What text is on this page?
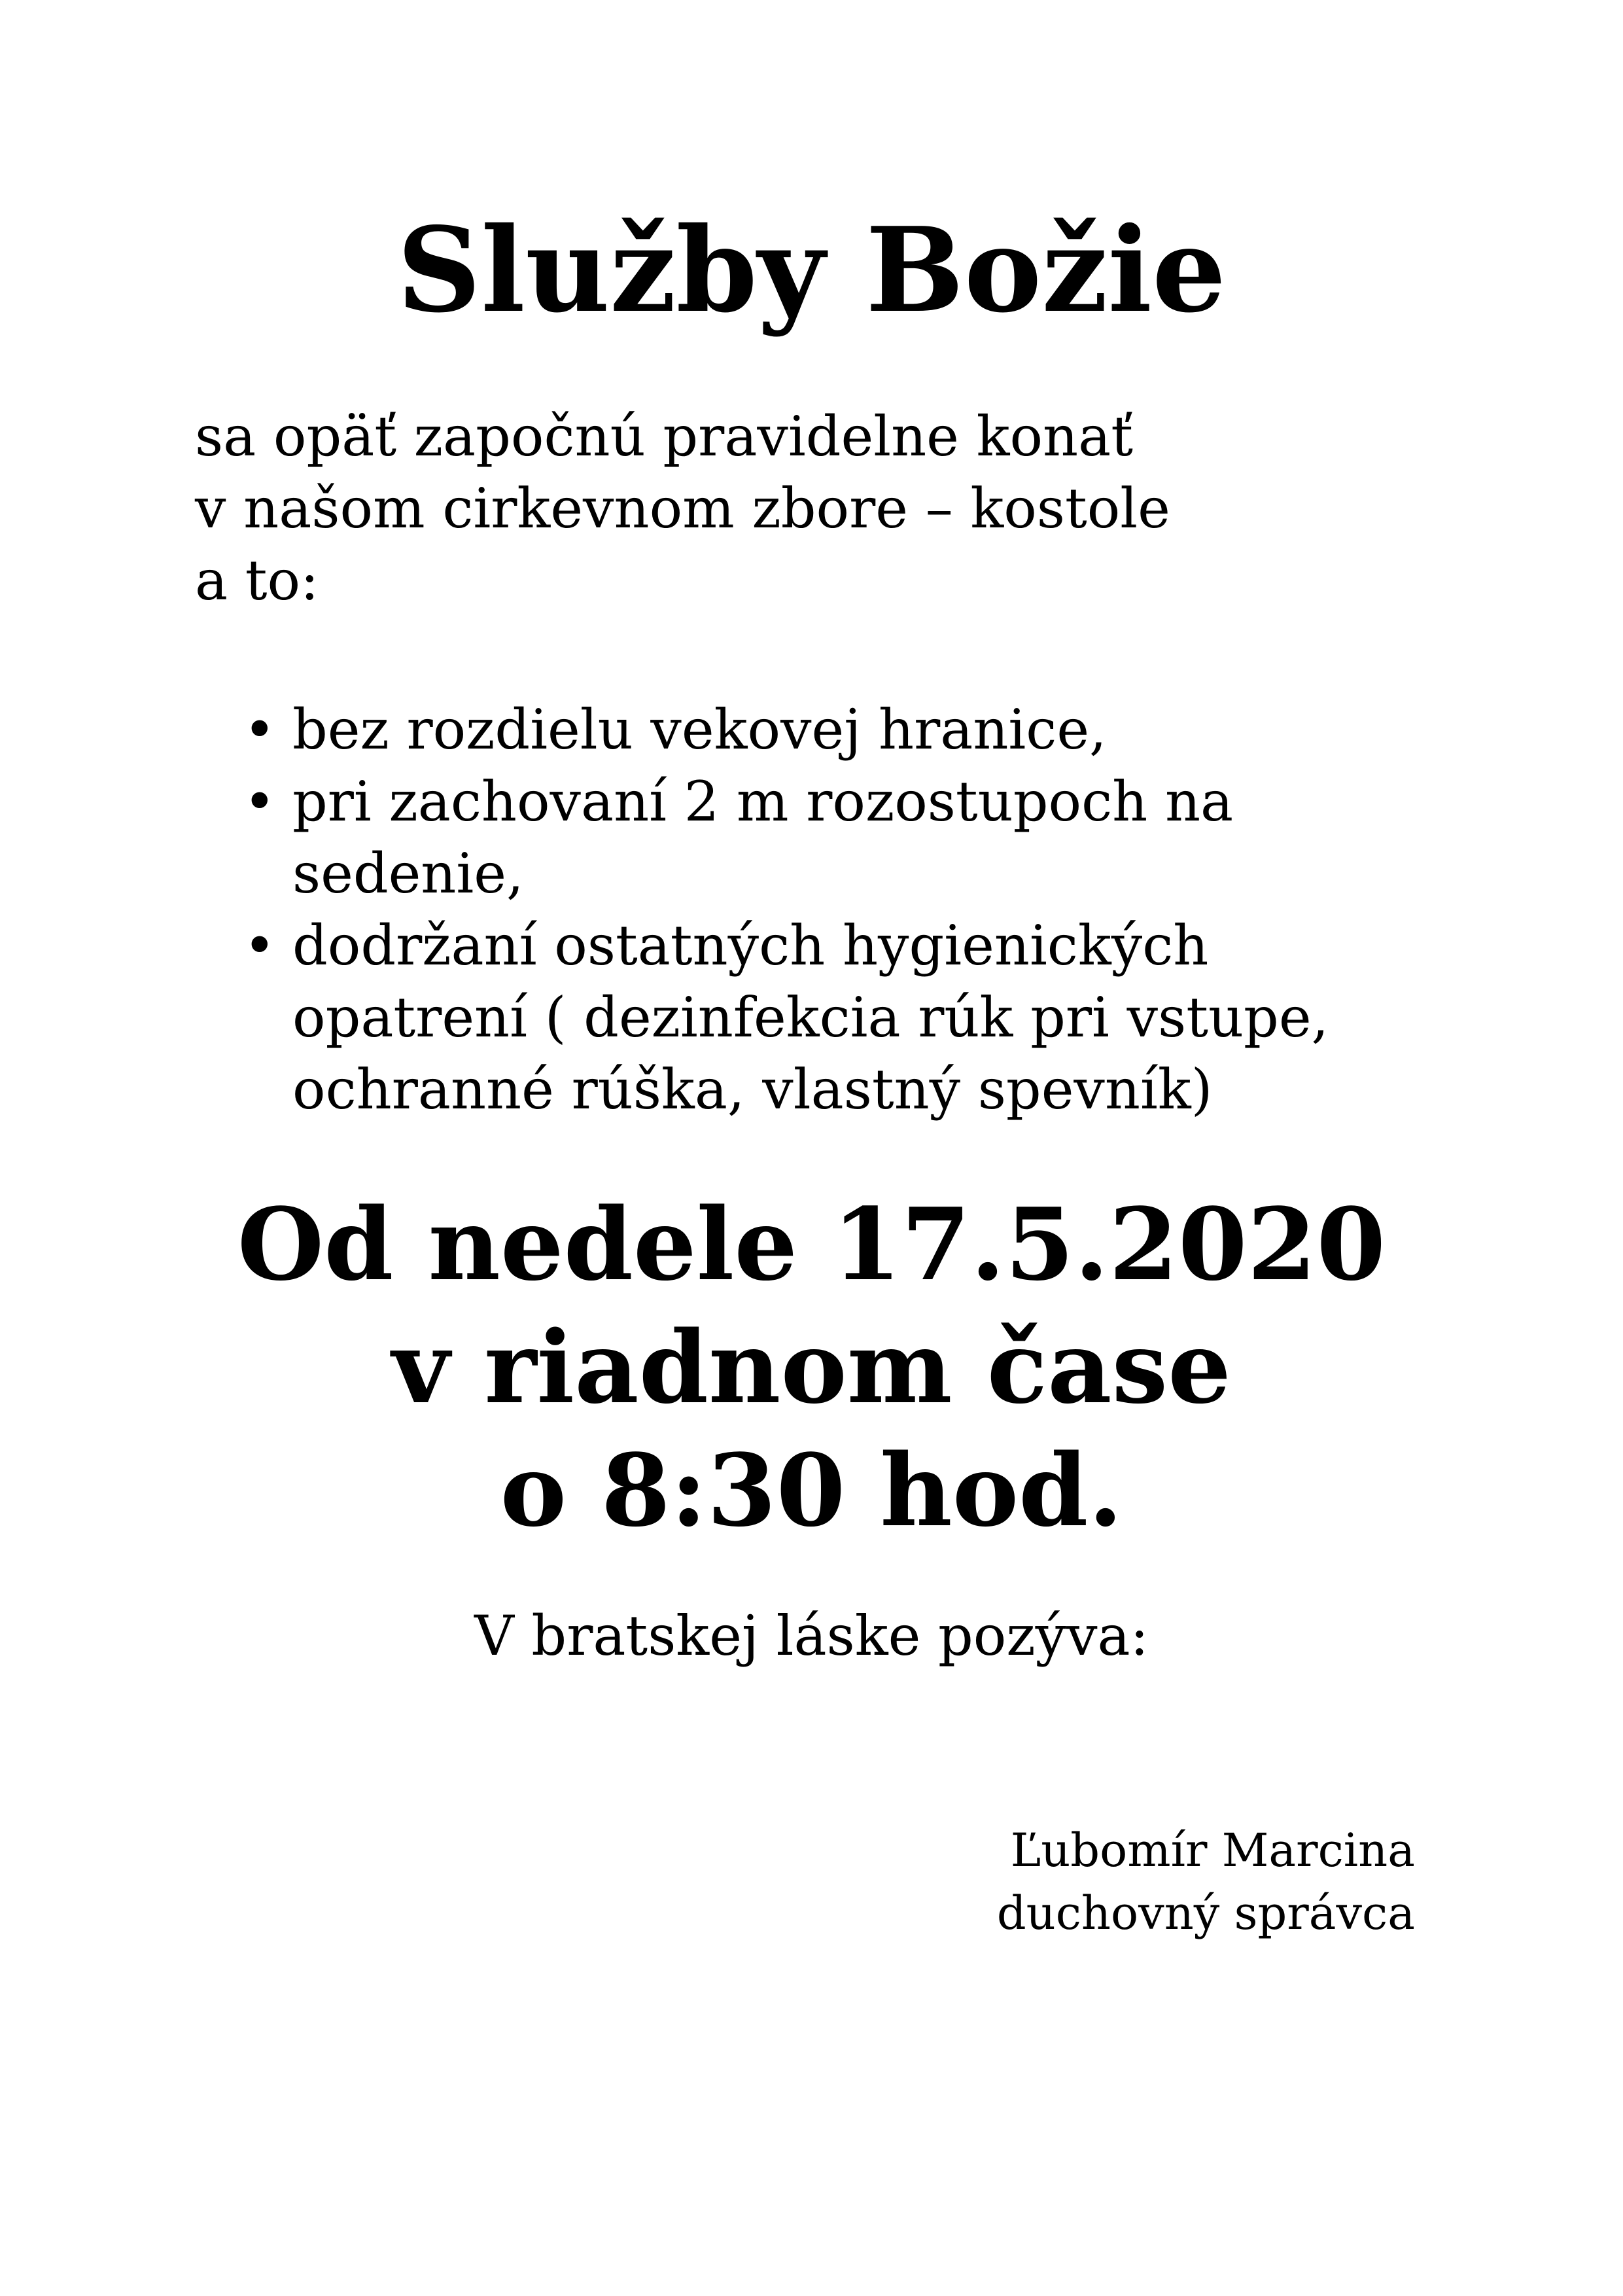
Služby Božie
sa opäť započnú pravidelne konať
v našom cirkevnom zbore – kostole
a to:
• bez rozdielu vekovej hranice,
• pri zachovaní 2 m rozostupoch na
sedenie,
• dodržaní ostatných hygienických
opatrení ( dezinfekcia rúk pri vstupe,
ochranné rúška, vlastný spevník)
Od nedele 17.5.2020
v riadnom čase
o 8:30 hod.
V bratskej láske pozýva:
Ľubomír Marcina
duchovný správca
